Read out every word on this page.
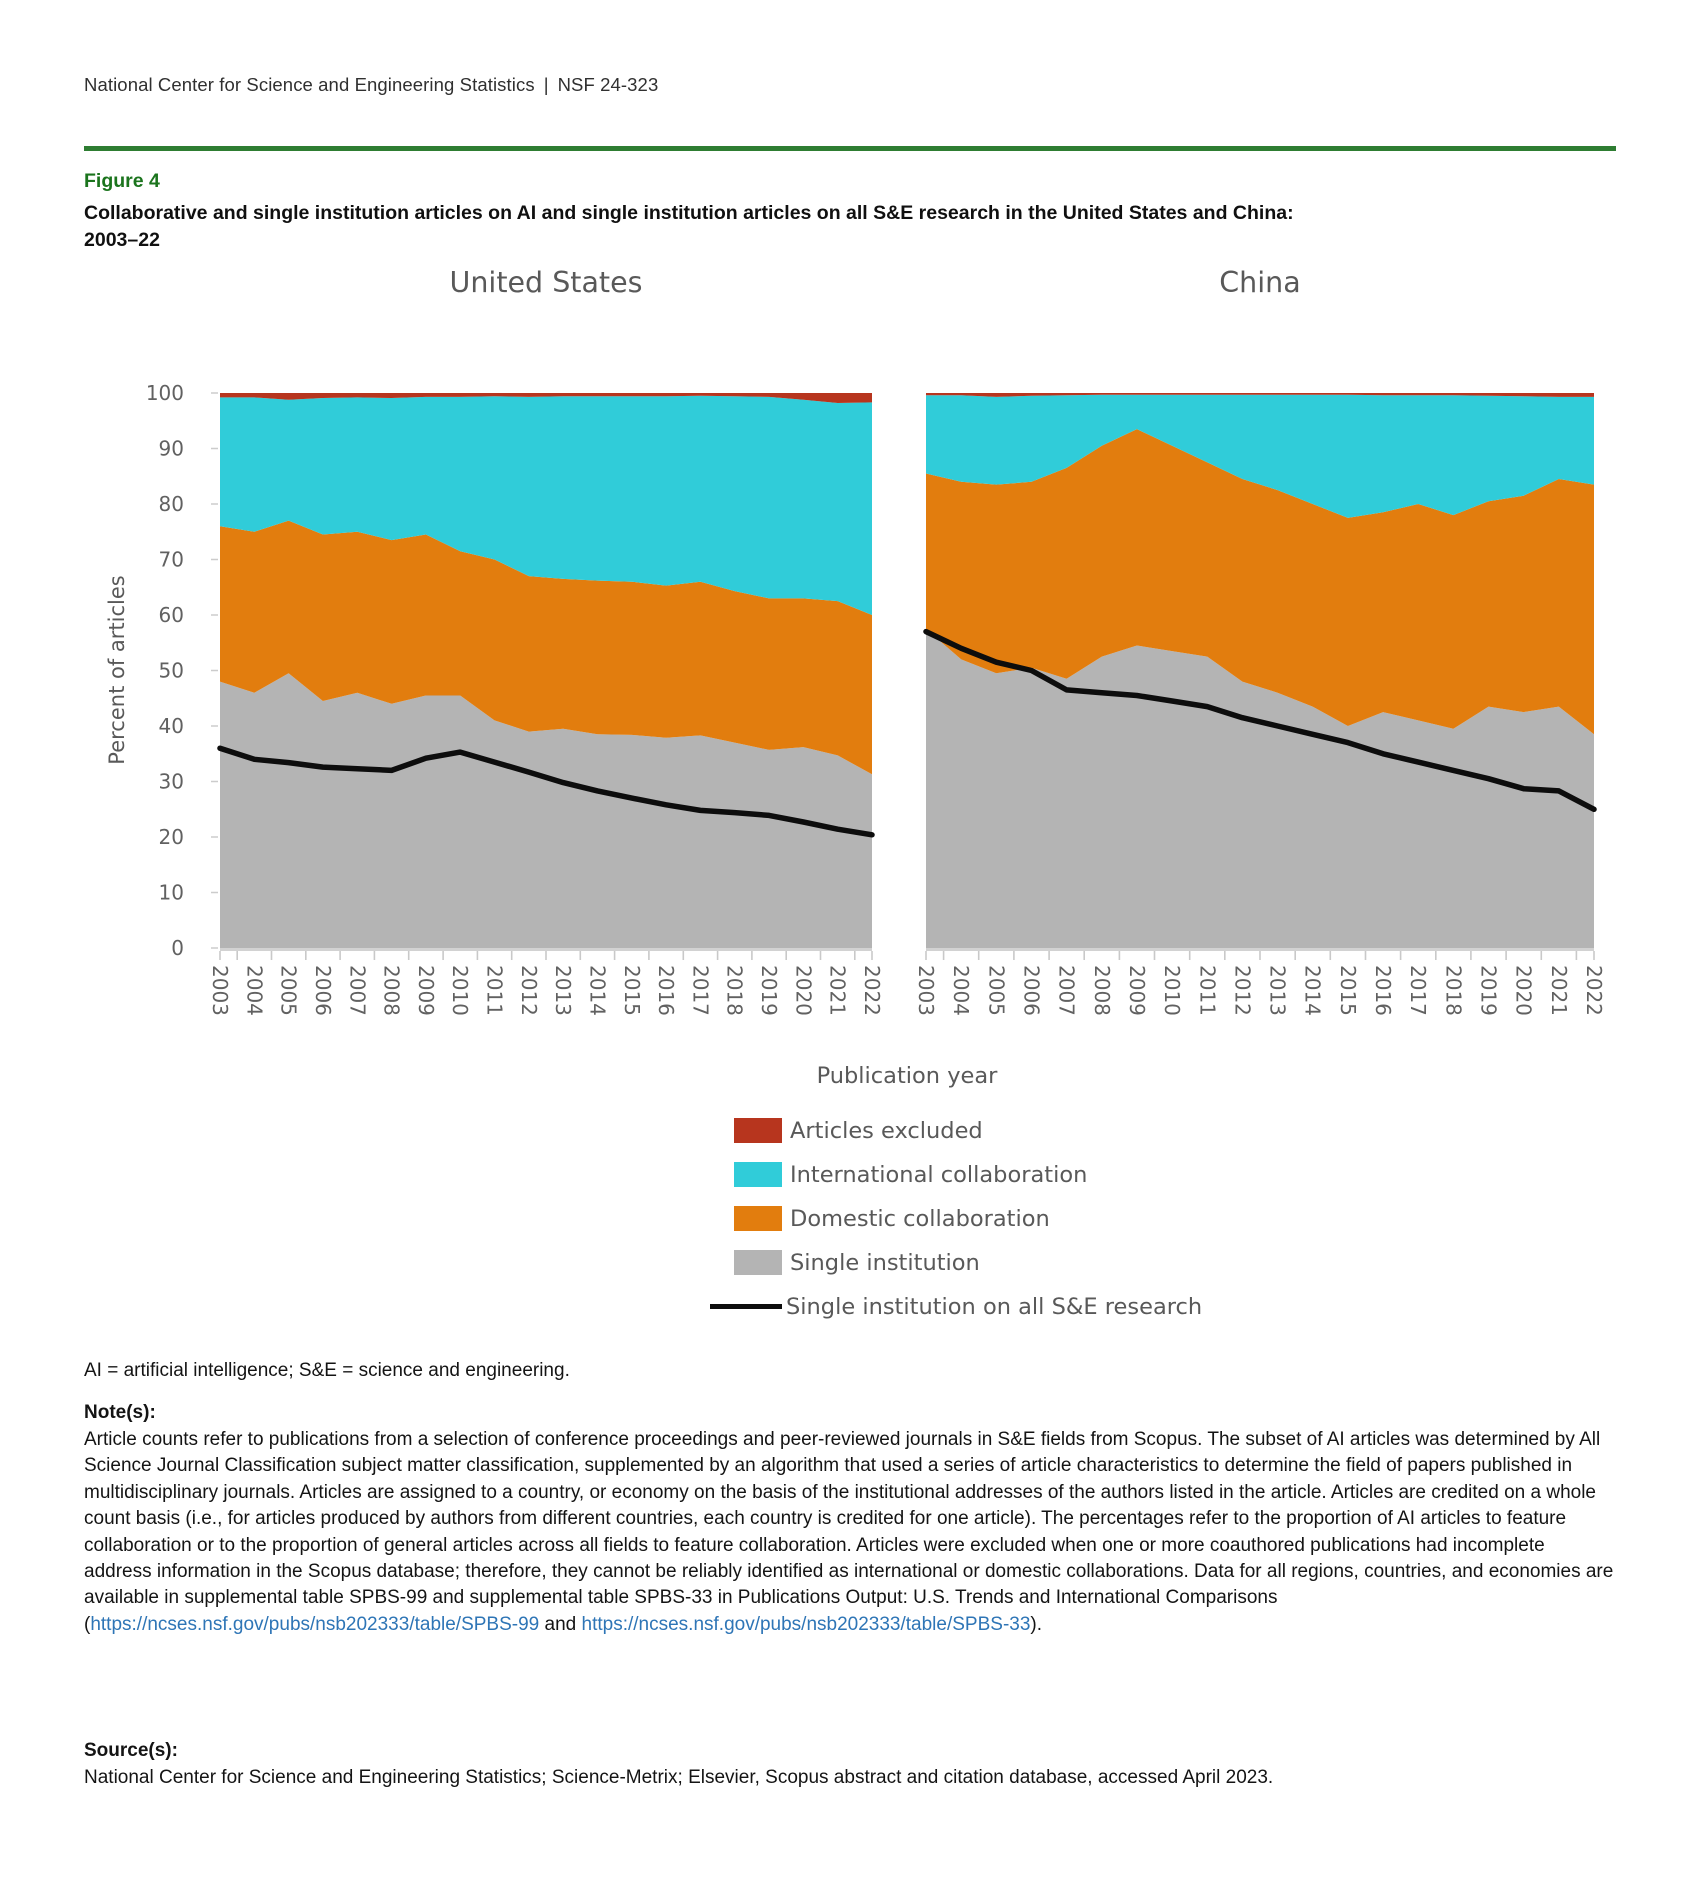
National Center for Science and Engineering Statistics | NSF 24-323
Figure 4
Collaborative and single institution articles on AI and single institution articles on all S&E research in the United States and China:
2003–22
United States	China
Percent of articles
2003 2004 2005 2006 2007 2008 2009 2010 2011 2012 2013 2014 2015 2016 2017 2018 2019 2020 2021 2022
0
10
20
30
40
50
60
70
80
90
100
2003 2004 2005 2006 2007 2008 2009 2010 2011 2012 2013 2014 2015 2016 2017 2018 2019 2020 2021 2022
Publication year
Articles excluded
International collaboration
Domestic collaboration
Single institution
Single institution on all S&E research
AI = artificial intelligence; S&E = science and engineering.
Note(s):
Article counts refer to publications from a selection of conference proceedings and peer-reviewed journals in S&E fields from Scopus. The subset of AI articles was determined by All Science Journal Classification subject matter classification, supplemented by an algorithm that used a series of article characteristics to determine the field of papers published in multidisciplinary journals. Articles are assigned to a country, or economy on the basis of the institutional addresses of the authors listed in the article. Articles are credited on a whole count basis (i.e., for articles produced by authors from different countries, each country is credited for one article). The percentages refer to the proportion of AI articles to feature collaboration or to the proportion of general articles across all fields to feature collaboration. Articles were excluded when one or more coauthored publications had incomplete address information in the Scopus database; therefore, they cannot be reliably identified as international or domestic collaborations. Data for all regions, countries, and economies are available in supplemental table SPBS-99 and supplemental table SPBS-33 in Publications Output: U.S. Trends and International Comparisons (https://ncses.nsf.gov/pubs/nsb202333/table/SPBS-99 and https://ncses.nsf.gov/pubs/nsb202333/table/SPBS-33).
Source(s):
National Center for Science and Engineering Statistics; Science-Metrix; Elsevier, Scopus abstract and citation database, accessed April 2023.
